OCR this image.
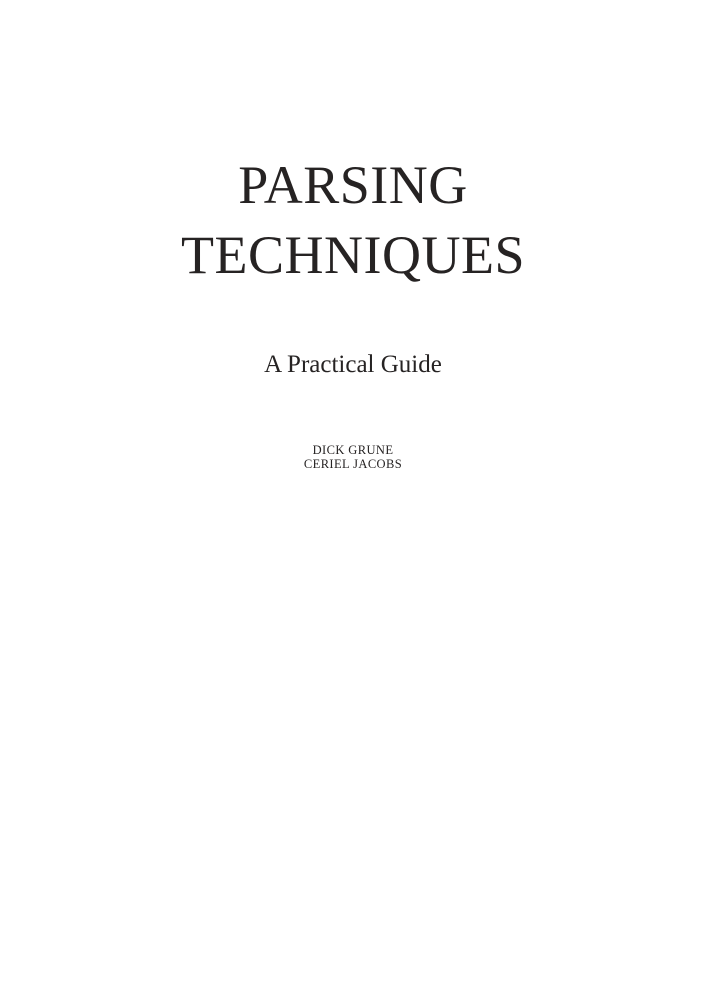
PARSING
TECHNIQUES
A Practical Guide
DICK GRUNE
CERIEL JACOBS
